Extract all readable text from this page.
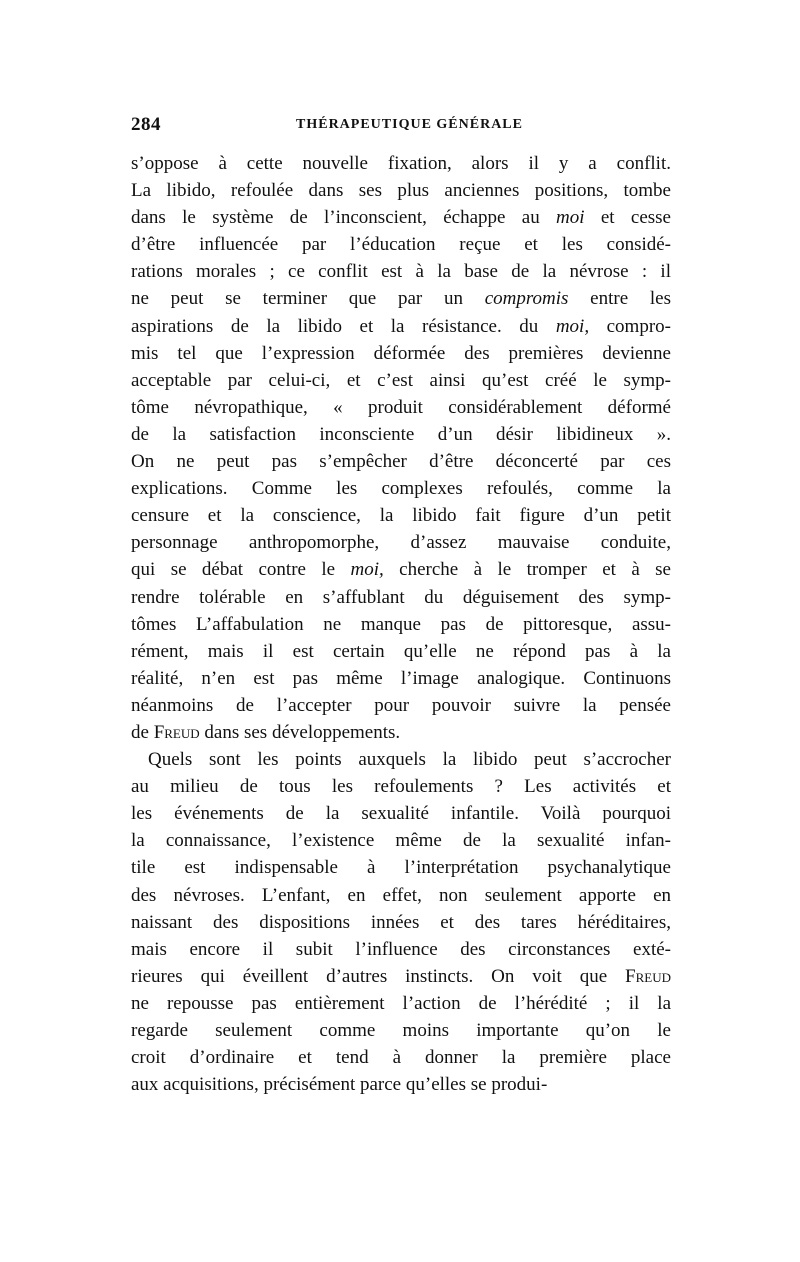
284	THÉRAPEUTIQUE GÉNÉRALE
s’oppose à cette nouvelle fixation, alors il y a conflit.
La libido, refoulée dans ses plus anciennes positions, tombe
dans le système de l’inconscient, échappe au moi et cesse
d’être influencée par l’éducation reçue et les considé-
rations morales ; ce conflit est à la base de la névrose : il
ne peut se terminer que par un compromis entre les
aspirations de la libido et la résistance. du moi, compro-
mis tel que l’expression déformée des premières devienne
acceptable par celui-ci, et c’est ainsi qu’est créé le symp-
tôme névropathique, « produit considérablement déformé
de la satisfaction inconsciente d’un désir libidineux ».
On ne peut pas s’empêcher d’être déconcerté par ces
explications. Comme les complexes refoulés, comme la
censure et la conscience, la libido fait figure d’un petit
personnage anthropomorphe, d’assez mauvaise conduite,
qui se débat contre le moi, cherche à le tromper et à se
rendre tolérable en s’affublant du déguisement des symp-
tômes L’affabulation ne manque pas de pittoresque, assu-
rément, mais il est certain qu’elle ne répond pas à la
réalité, n’en est pas même l’image analogique. Continuons
néanmoins de l’accepter pour pouvoir suivre la pensée
de Freud dans ses développements.
Quels sont les points auxquels la libido peut s’accrocher
au milieu de tous les refoulements ? Les activités et
les événements de la sexualité infantile. Voilà pourquoi
la connaissance, l’existence même de la sexualité infan-
tile est indispensable à l’interprétation psychanalytique
des névroses. L’enfant, en effet, non seulement apporte en
naissant des dispositions innées et des tares héréditaires,
mais encore il subit l’influence des circonstances exté-
rieures qui éveillent d’autres instincts. On voit que Freud
ne repousse pas entièrement l’action de l’hérédité ; il la
regarde seulement comme moins importante qu’on le
croit d’ordinaire et tend à donner la première place
aux acquisitions, précisément parce qu’elles se produi-
